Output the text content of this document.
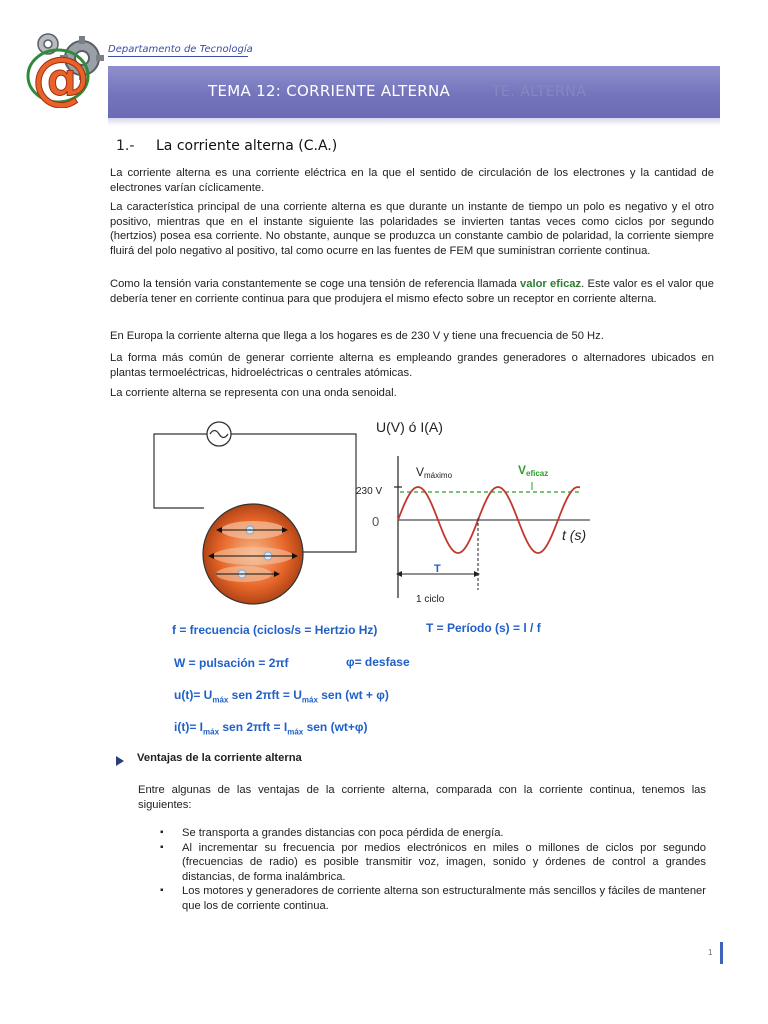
@ Departamento de Tecnología
TEMA 12: CORRIENTE ALTERNA	TE. ALTERNA
1.- La corriente alterna (C.A.)

La corriente alterna es una corriente eléctrica en la que el sentido de circulación de los electrones y la cantidad de electrones varían cíclicamente.

La característica principal de una corriente alterna es que durante un instante de tiempo un polo es negativo y el otro positivo, mientras que en el instante siguiente las polaridades se invierten tantas veces como ciclos por segundo (hertzios) posea esa corriente. No obstante, aunque se produzca un constante cambio de polaridad, la corriente siempre fluirá del polo negativo al positivo, tal como ocurre en las fuentes de FEM que suministran corriente continua.

Como la tensión varia constantemente se coge una tensión de referencia llamada valor eficaz. Este valor es el valor que debería tener en corriente continua para que produjera el mismo efecto sobre un receptor en corriente alterna.

En Europa la corriente alterna que llega a los hogares es de 230 V y tiene una frecuencia de 50 Hz.

La forma más común de generar corriente alterna es empleando grandes generadores o alternadores ubicados en plantas termoeléctricas, hidroeléctricas o centrales atómicas.

La corriente alterna se representa con una onda senoidal.

U(V) ó I(A)
230 V
0
t (s)
Vmáximo	Veficaz
T
1 ciclo
f = frecuencia (ciclos/s = Hertzio Hz)	T = Período (s) = l / f
W = pulsación = 2πf	φ= desfase
$u(t)= U_{máx}$ sen $2\pi ft = U_{máx}$ sen (wt + φ)
$i(t)= I_{máx}$ sen $2\pi ft = I_{máx}$ sen (wt+φ)
Ventajas de la corriente alterna

Entre algunas de las ventajas de la corriente alterna, comparada con la corriente continua, tenemos las siguientes:

▪ Se transporta a grandes distancias con poca pérdida de energía.
▪ Al incrementar su frecuencia por medios electrónicos en miles o millones de ciclos por segundo (frecuencias de radio) es posible transmitir voz, imagen, sonido y órdenes de control a grandes distancias, de forma inalámbrica.
▪ Los motores y generadores de corriente alterna son estructuralmente más sencillos y fáciles de mantener que los de corriente continua.
1
